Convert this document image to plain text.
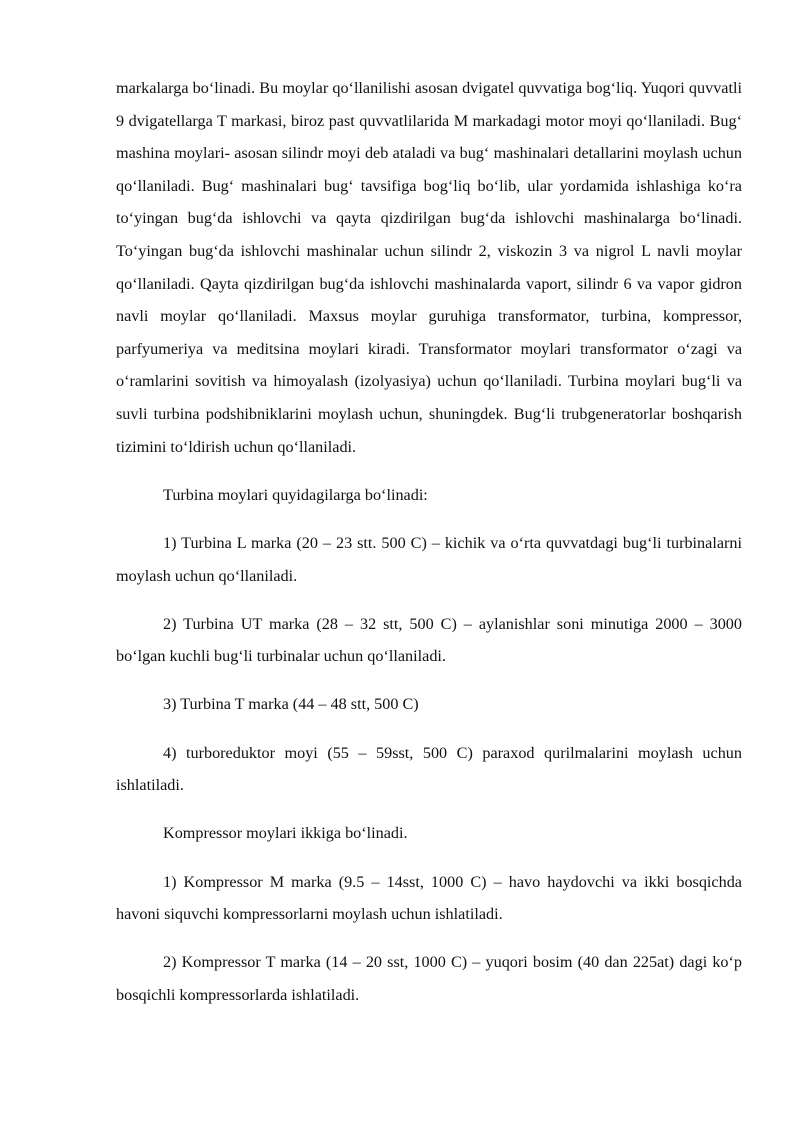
markalarga boʻlinadi. Bu moylar qoʻllanilishi asosan dvigatel quvvatiga bogʻliq. Yuqori quvvatli 9 dvigatellarga T markasi, biroz past quvvatlilarida M markadagi motor moyi qoʻllaniladi. Bugʻ mashina moylari- asosan silindr moyi deb ataladi va bugʻ mashinalari detallarini moylash uchun qoʻllaniladi. Bugʻ mashinalari bugʻ tavsifiga bogʻliq boʻlib, ular yordamida ishlashiga koʻra toʻyingan bugʻda ishlovchi va qayta qizdirilgan bugʻda ishlovchi mashinalarga boʻlinadi. Toʻyingan bugʻda ishlovchi mashinalar uchun silindr 2, viskozin 3 va nigrol L navli moylar qoʻllaniladi. Qayta qizdirilgan bugʻda ishlovchi mashinalarda vaport, silindr 6 va vapor gidron navli moylar qoʻllaniladi. Maxsus moylar guruhiga transformator, turbina, kompressor, parfyumeriya va meditsina moylari kiradi. Transformator moylari transformator oʻzagi va oʻramlarini sovitish va himoyalash (izolyasiya) uchun qoʻllaniladi. Turbina moylari bugʻli va suvli turbina podshibniklarini moylash uchun, shuningdek. Bugʻli trubgeneratorlar boshqarish tizimini toʻldirish uchun qoʻllaniladi.

Turbina moylari quyidagilarga boʻlinadi:

1) Turbina L marka (20 – 23 stt. 500 C) – kichik va oʻrta quvvatdagi bugʻli turbinalarni moylash uchun qoʻllaniladi.

2) Turbina UT marka (28 – 32 stt, 500 C) – aylanishlar soni minutiga 2000 – 3000 boʻlgan kuchli bugʻli turbinalar uchun qoʻllaniladi.

3) Turbina T marka (44 – 48 stt, 500 C)

4) turboreduktor moyi (55 – 59sst, 500 C) paraxod qurilmalarini moylash uchun ishlatiladi.

Kompressor moylari ikkiga boʻlinadi.

1) Kompressor M marka (9.5 – 14sst, 1000 C) – havo haydovchi va ikki bosqichda havoni siquvchi kompressorlarni moylash uchun ishlatiladi.

2) Kompressor T marka (14 – 20 sst, 1000 C) – yuqori bosim (40 dan 225at) dagi koʻp bosqichli kompressorlarda ishlatiladi.
